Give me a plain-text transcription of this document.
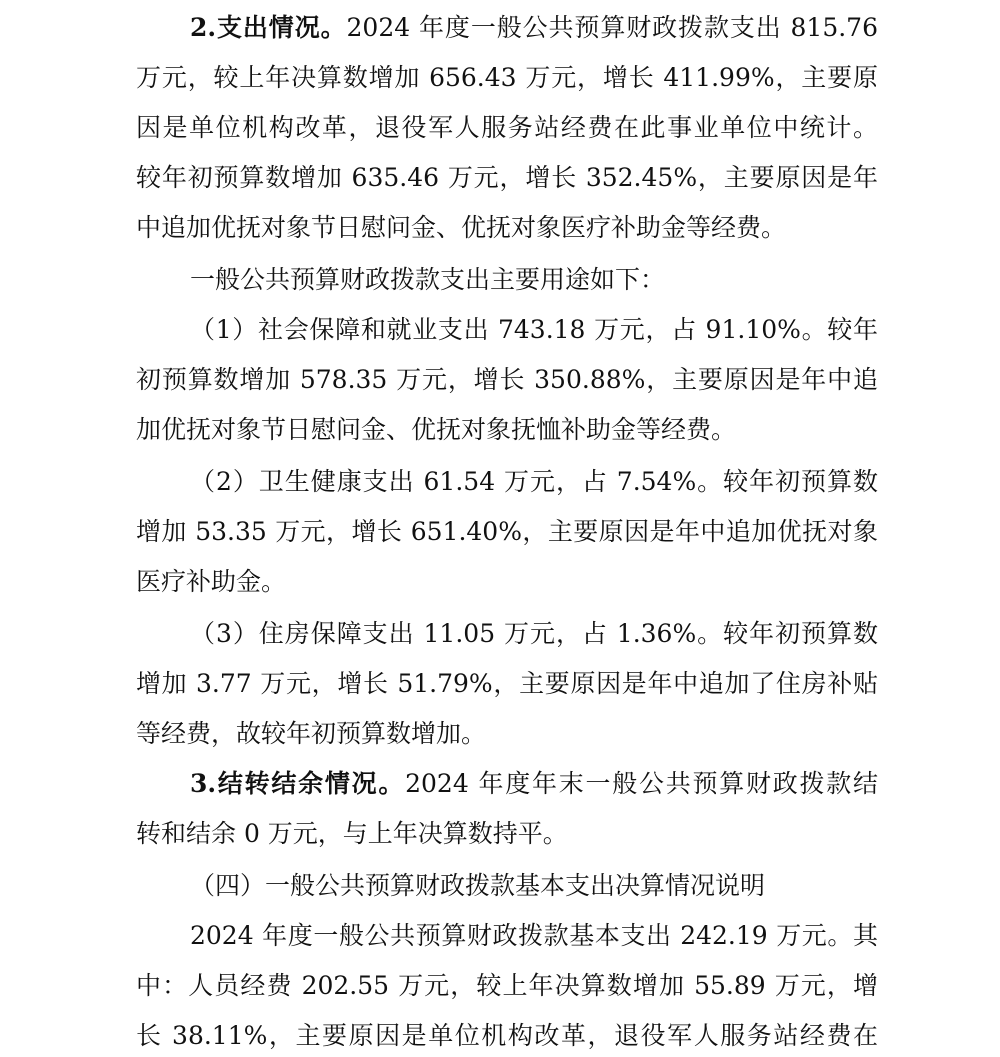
2.支出情况。2024 年度一般公共预算财政拨款支出 815.76
万元，较上年决算数增加 656.43 万元，增长 411.99%，主要原
因是单位机构改革，退役军人服务站经费在此事业单位中统计。
较年初预算数增加 635.46 万元，增长 352.45%，主要原因是年
中追加优抚对象节日慰问金、优抚对象医疗补助金等经费。
一般公共预算财政拨款支出主要用途如下：
（1）社会保障和就业支出 743.18 万元，占 91.10%。较年
初预算数增加 578.35 万元，增长 350.88%，主要原因是年中追
加优抚对象节日慰问金、优抚对象抚恤补助金等经费。
（2）卫生健康支出 61.54 万元，占 7.54%。较年初预算数
增加 53.35 万元，增长 651.40%，主要原因是年中追加优抚对象
医疗补助金。
（3）住房保障支出 11.05 万元，占 1.36%。较年初预算数
增加 3.77 万元，增长 51.79%，主要原因是年中追加了住房补贴
等经费，故较年初预算数增加。
3.结转结余情况。2024 年度年末一般公共预算财政拨款结
转和结余 0 万元，与上年决算数持平。
（四）一般公共预算财政拨款基本支出决算情况说明
2024 年度一般公共预算财政拨款基本支出 242.19 万元。其
中：人员经费 202.55 万元，较上年决算数增加 55.89 万元，增
长 38.11%，主要原因是单位机构改革，退役军人服务站经费在
